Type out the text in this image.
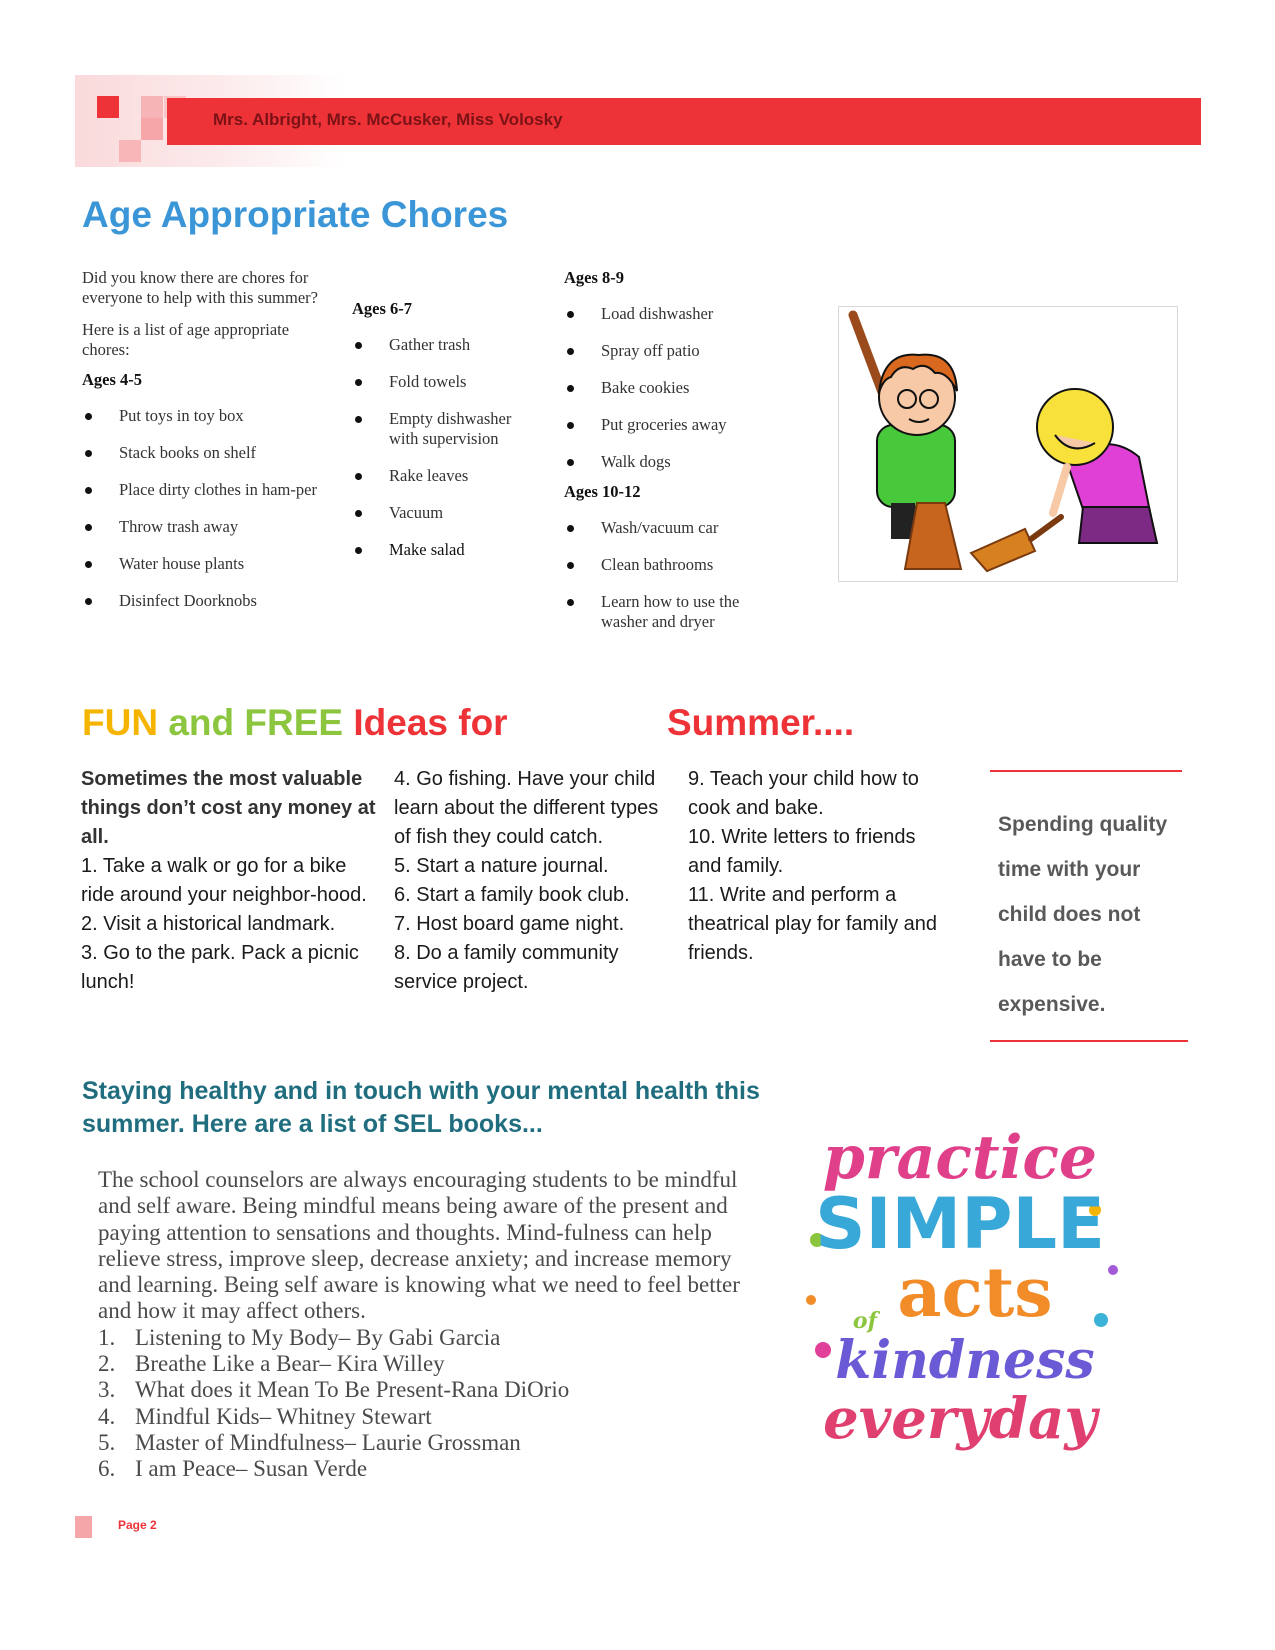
Mrs. Albright, Mrs. McCusker, Miss Volosky
Age Appropriate Chores

Did you know there are chores for everyone to help with this summer?

Here is a list of age appropriate chores:

Ages 4-5
Put toys in toy box
Stack books on shelf
Place dirty clothes in ham-per
Throw trash away
Water house plants
Disinfect Doorknobs
Ages 6-7
Gather trash
Fold towels
Empty dishwasher with supervision
Rake leaves
Vacuum
Make salad
Ages 8-9
Load dishwasher
Spray off patio
Bake cookies
Put groceries away
Walk dogs
Ages 10-12
Wash/vacuum car
Clean bathrooms
Learn how to use the washer and dryer
FUN and FREE Ideas for	Summer....

Sometimes the most valuable things don’t cost any money at all.

1. Take a walk or go for a bike ride around your neighbor-hood.

2. Visit a historical landmark.

3. Go to the park. Pack a picnic lunch!

4. Go fishing. Have your child learn about the different types of fish they could catch.

5. Start a nature journal.

6. Start a family book club.

7. Host board game night.

8. Do a family community service project.

9. Teach your child how to cook and bake.

10. Write letters to friends and family.

11. Write and perform a theatrical play for family and friends.

Spending quality time with your child does not have to be expensive.
Staying healthy and in touch with your mental health this summer. Here are a list of SEL books...

The school counselors are always encouraging students to be mindful and self aware. Being mindful means being aware of the present and paying attention to sensations and thoughts. Mind-fulness can help relieve stress, improve sleep, decrease anxiety; and increase memory and learning. Being self aware is knowing what we need to feel better and how it may affect others.

1. Listening to My Body– By Gabi Garcia
2. Breathe Like a Bear– Kira Willey
3. What does it Mean To Be Present-Rana DiOrio
4. Mindful Kids– Whitney Stewart
5. Master of Mindfulness– Laurie Grossman
6. I am Peace– Susan Verde
practice
SIMPLE
acts
of
kindness
everyday
Page 2
